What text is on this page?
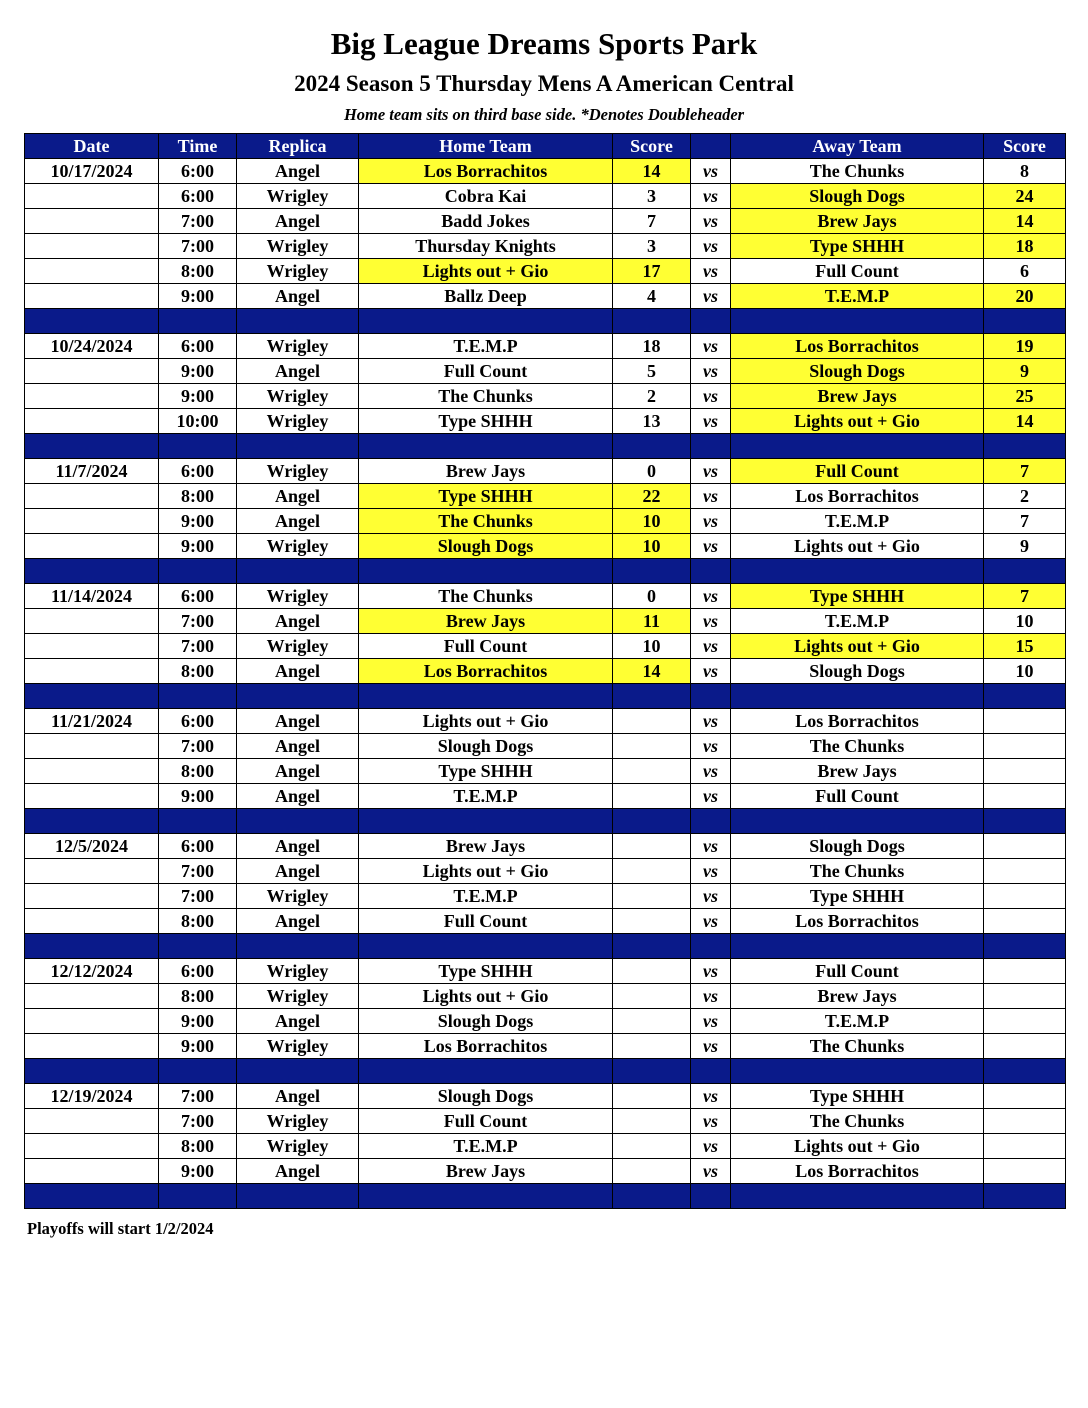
Big League Dreams Sports Park
2024 Season 5 Thursday Mens A American Central
Home team sits on third base side. *Denotes Doubleheader
Date	Time	Replica	Home Team	Score		Away Team	Score
10/17/2024	6:00	Angel	Los Borrachitos	14	vs	The Chunks	8
	6:00	Wrigley	Cobra Kai	3	vs	Slough Dogs	24
	7:00	Angel	Badd Jokes	7	vs	Brew Jays	14
	7:00	Wrigley	Thursday Knights	3	vs	Type SHHH	18
	8:00	Wrigley	Lights out + Gio	17	vs	Full Count	6
	9:00	Angel	Ballz Deep	4	vs	T.E.M.P	20

10/24/2024	6:00	Wrigley	T.E.M.P	18	vs	Los Borrachitos	19
	9:00	Angel	Full Count	5	vs	Slough Dogs	9
	9:00	Wrigley	The Chunks	2	vs	Brew Jays	25
	10:00	Wrigley	Type SHHH	13	vs	Lights out + Gio	14

11/7/2024	6:00	Wrigley	Brew Jays	0	vs	Full Count	7
	8:00	Angel	Type SHHH	22	vs	Los Borrachitos	2
	9:00	Angel	The Chunks	10	vs	T.E.M.P	7
	9:00	Wrigley	Slough Dogs	10	vs	Lights out + Gio	9

11/14/2024	6:00	Wrigley	The Chunks	0	vs	Type SHHH	7
	7:00	Angel	Brew Jays	11	vs	T.E.M.P	10
	7:00	Wrigley	Full Count	10	vs	Lights out + Gio	15
	8:00	Angel	Los Borrachitos	14	vs	Slough Dogs	10

11/21/2024	6:00	Angel	Lights out + Gio		vs	Los Borrachitos	
	7:00	Angel	Slough Dogs		vs	The Chunks	
	8:00	Angel	Type SHHH		vs	Brew Jays	
	9:00	Angel	T.E.M.P		vs	Full Count	

12/5/2024	6:00	Angel	Brew Jays		vs	Slough Dogs	
	7:00	Angel	Lights out + Gio		vs	The Chunks	
	7:00	Wrigley	T.E.M.P		vs	Type SHHH	
	8:00	Angel	Full Count		vs	Los Borrachitos	

12/12/2024	6:00	Wrigley	Type SHHH		vs	Full Count	
	8:00	Wrigley	Lights out + Gio		vs	Brew Jays	
	9:00	Angel	Slough Dogs		vs	T.E.M.P	
	9:00	Wrigley	Los Borrachitos		vs	The Chunks	

12/19/2024	7:00	Angel	Slough Dogs		vs	Type SHHH	
	7:00	Wrigley	Full Count		vs	The Chunks	
	8:00	Wrigley	T.E.M.P		vs	Lights out + Gio	
	9:00	Angel	Brew Jays		vs	Los Borrachitos	

Playoffs will start 1/2/2024
